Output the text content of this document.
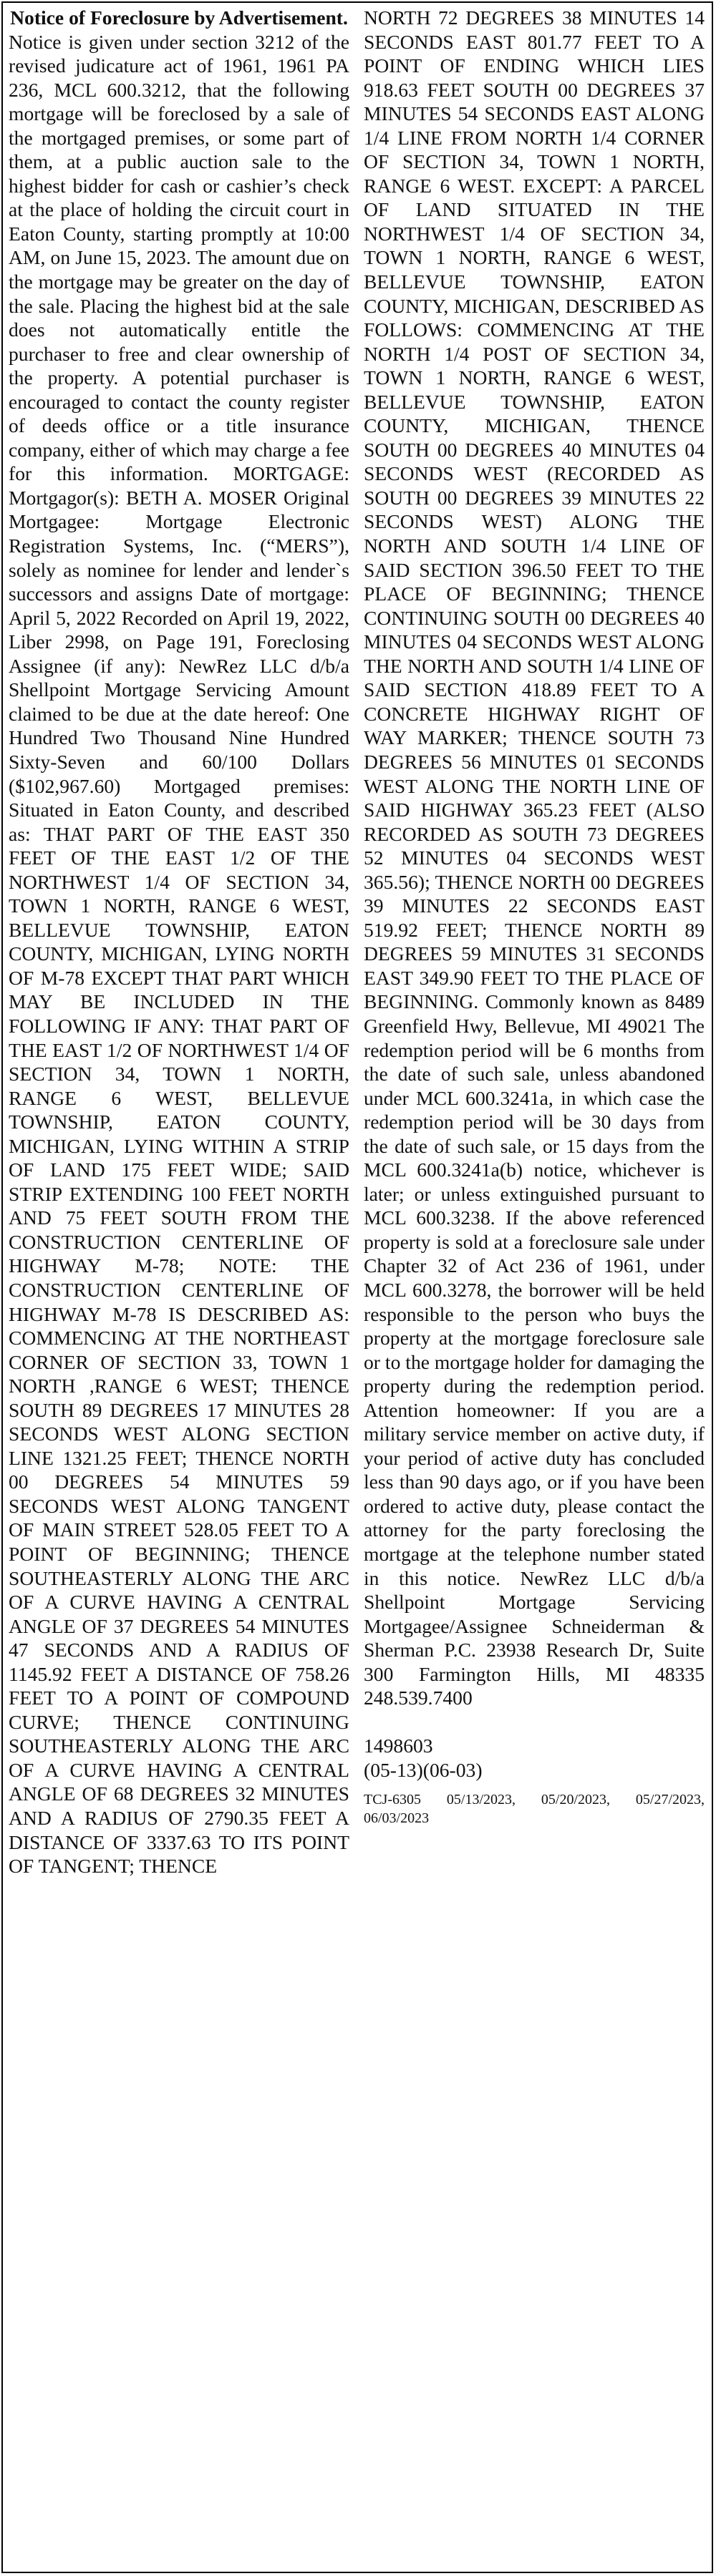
Notice of Foreclosure by Advertisement.

Notice is given under section 3212 of the revised judicature act of 1961, 1961 PA 236, MCL 600.3212, that the following mortgage will be foreclosed by a sale of the mortgaged premises, or some part of them, at a public auction sale to the highest bidder for cash or cashier’s check at the place of holding the circuit court in Eaton County, starting promptly at 10:00 AM, on June 15, 2023. The amount due on the mortgage may be greater on the day of the sale. Placing the highest bid at the sale does not automatically entitle the purchaser to free and clear ownership of the property. A potential purchaser is encouraged to contact the county register of deeds office or a title insurance company, either of which may charge a fee for this information. MORTGAGE: Mortgagor(s): BETH A. MOSER Original Mortgagee: Mortgage Electronic Registration Systems, Inc. (“MERS”), solely as nominee for lender and lender`s successors and assigns Date of mortgage: April 5, 2022 Recorded on April 19, 2022, Liber 2998, on Page 191, Foreclosing Assignee (if any): NewRez LLC d/b/a Shellpoint Mortgage Servicing Amount claimed to be due at the date hereof: One Hundred Two Thousand Nine Hundred Sixty-Seven and 60/100 Dollars ($102,967.60) Mortgaged premises: Situated in Eaton County, and described as: THAT PART OF THE EAST 350 FEET OF THE EAST 1/2 OF THE NORTHWEST 1/4 OF SECTION 34, TOWN 1 NORTH, RANGE 6 WEST, BELLEVUE TOWNSHIP, EATON COUNTY, MICHIGAN, LYING NORTH OF M-78 EXCEPT THAT PART WHICH MAY BE INCLUDED IN THE FOLLOWING IF ANY: THAT PART OF THE EAST 1/2 OF NORTHWEST 1/4 OF SECTION 34, TOWN 1 NORTH, RANGE 6 WEST, BELLEVUE TOWNSHIP, EATON COUNTY, MICHIGAN, LYING WITHIN A STRIP OF LAND 175 FEET WIDE; SAID STRIP EXTENDING 100 FEET NORTH AND 75 FEET SOUTH FROM THE CONSTRUCTION CENTERLINE OF HIGHWAY M-78; NOTE: THE CONSTRUCTION CENTERLINE OF HIGHWAY M-78 IS DESCRIBED AS: COMMENCING AT THE NORTHEAST CORNER OF SECTION 33, TOWN 1 NORTH ,RANGE 6 WEST; THENCE SOUTH 89 DEGREES 17 MINUTES 28 SECONDS WEST ALONG SECTION LINE 1321.25 FEET; THENCE NORTH 00 DEGREES 54 MINUTES 59 SECONDS WEST ALONG TANGENT OF MAIN STREET 528.05 FEET TO A POINT OF BEGINNING; THENCE SOUTHEASTERLY ALONG THE ARC OF A CURVE HAVING A CENTRAL ANGLE OF 37 DEGREES 54 MINUTES 47 SECONDS AND A RADIUS OF 1145.92 FEET A DISTANCE OF 758.26 FEET TO A POINT OF COMPOUND CURVE; THENCE CONTINUING SOUTHEASTERLY ALONG THE ARC OF A CURVE HAVING A CENTRAL ANGLE OF 68 DEGREES 32 MINUTES AND A RADIUS OF 2790.35 FEET A DISTANCE OF 3337.63 TO ITS POINT OF TANGENT; THENCE

NORTH 72 DEGREES 38 MINUTES 14 SECONDS EAST 801.77 FEET TO A POINT OF ENDING WHICH LIES 918.63 FEET SOUTH 00 DEGREES 37 MINUTES 54 SECONDS EAST ALONG 1/4 LINE FROM NORTH 1/4 CORNER OF SECTION 34, TOWN 1 NORTH, RANGE 6 WEST. EXCEPT: A PARCEL OF LAND SITUATED IN THE NORTHWEST 1/4 OF SECTION 34, TOWN 1 NORTH, RANGE 6 WEST, BELLEVUE TOWNSHIP, EATON COUNTY, MICHIGAN, DESCRIBED AS FOLLOWS: COMMENCING AT THE NORTH 1/4 POST OF SECTION 34, TOWN 1 NORTH, RANGE 6 WEST, BELLEVUE TOWNSHIP, EATON COUNTY, MICHIGAN, THENCE SOUTH 00 DEGREES 40 MINUTES 04 SECONDS WEST (RECORDED AS SOUTH 00 DEGREES 39 MINUTES 22 SECONDS WEST) ALONG THE NORTH AND SOUTH 1/4 LINE OF SAID SECTION 396.50 FEET TO THE PLACE OF BEGINNING; THENCE CONTINUING SOUTH 00 DEGREES 40 MINUTES 04 SECONDS WEST ALONG THE NORTH AND SOUTH 1/4 LINE OF SAID SECTION 418.89 FEET TO A CONCRETE HIGHWAY RIGHT OF WAY MARKER; THENCE SOUTH 73 DEGREES 56 MINUTES 01 SECONDS WEST ALONG THE NORTH LINE OF SAID HIGHWAY 365.23 FEET (ALSO RECORDED AS SOUTH 73 DEGREES 52 MINUTES 04 SECONDS WEST 365.56); THENCE NORTH 00 DEGREES 39 MINUTES 22 SECONDS EAST 519.92 FEET; THENCE NORTH 89 DEGREES 59 MINUTES 31 SECONDS EAST 349.90 FEET TO THE PLACE OF BEGINNING. Commonly known as 8489 Greenfield Hwy, Bellevue, MI 49021 The redemption period will be 6 months from the date of such sale, unless abandoned under MCL 600.3241a, in which case the redemption period will be 30 days from the date of such sale, or 15 days from the MCL 600.3241a(b) notice, whichever is later; or unless extinguished pursuant to MCL 600.3238. If the above referenced property is sold at a foreclosure sale under Chapter 32 of Act 236 of 1961, under MCL 600.3278, the borrower will be held responsible to the person who buys the property at the mortgage foreclosure sale or to the mortgage holder for damaging the property during the redemption period. Attention homeowner: If you are a military service member on active duty, if your period of active duty has concluded less than 90 days ago, or if you have been ordered to active duty, please contact the attorney for the party foreclosing the mortgage at the telephone number stated in this notice. NewRez LLC d/b/a Shellpoint Mortgage Servicing Mortgagee/Assignee Schneiderman & Sherman P.C. 23938 Research Dr, Suite 300 Farmington Hills, MI 48335 248.539.7400

1498603

(05-13)(06-03)

TCJ-6305 05/13/2023, 05/20/2023, 05/27/2023, 06/03/2023
